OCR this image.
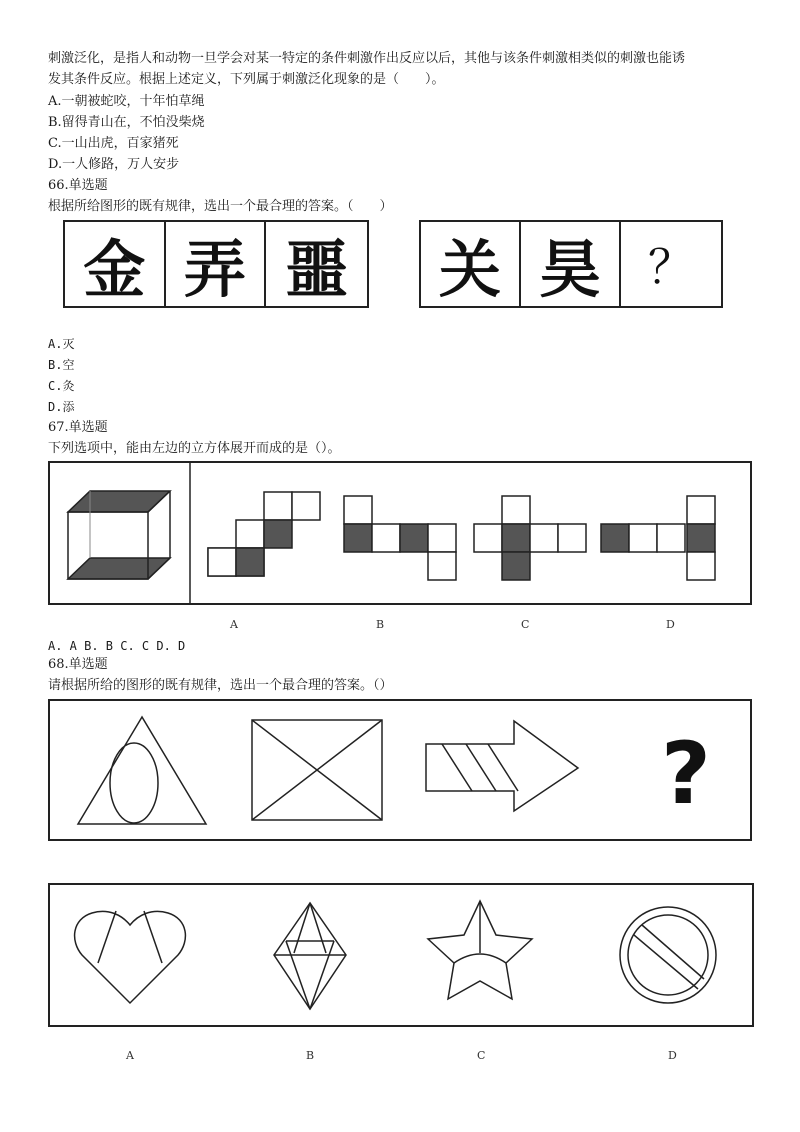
刺激泛化，是指人和动物一旦学会对某一特定的条件刺激作出反应以后，其他与该条件刺激相类似的刺激也能诱
发其条件反应。根据上述定义，下列属于刺激泛化现象的是（　　）。
A.一朝被蛇咬，十年怕草绳
B.留得青山在，不怕没柴烧
C.一山出虎，百家猪死
D.一人修路，万人安步
66.单选题
根据所给图形的既有规律，选出一个最合理的答案。（　　）
金 弄 噩	关 昊	？
A.灭
B.空
C.灸
D.添
67.单选题
下列选项中，能由左边的立方体展开而成的是（）。
A	B	C	D
A. A B. B C. C D. D
68.单选题
请根据所给的图形的既有规律，选出一个最合理的答案。（）
?
A	B	C	D
